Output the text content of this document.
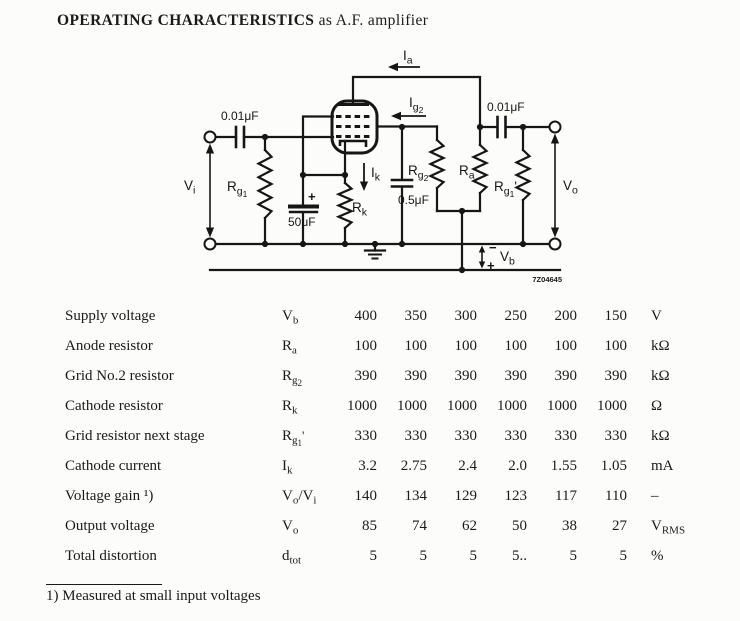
OPERATING CHARACTERISTICS as A.F. amplifier
$I_a$
$I_g2$
$I_k$
$V_i$	$V_o$
$V_b$
$R_g1$
$R_g2$ $R_a$
$R_g1'$
$R_k$
0.01μF
0.01μF
50μF
0.5μF
+
−
+
7Z04645
Supply voltage	$V_b$	400	350	300	250	200	150	V
Anode resistor	$R_a$	100	100	100	100	100	100	kΩ
Grid No.2 resistor	$R_{g2}$	390	390	390	390	390	390	kΩ
Cathode resistor	$R_k$	1000	1000	1000	1000	1000	1000	Ω
Grid resistor next stage	$R_{g1}'$	330	330	330	330	330	330	kΩ
Cathode current	$I_k$	3.2	2.75	2.4	2.0	1.55	1.05	mA
Voltage gain ¹)	$V_o/V_i$	140	134	129	123	117	110	–
Output voltage	$V_o$	85	74	62	50	38	27	$V_{RMS}$
Total distortion	$d_{tot}$	5	5	5	5..	5	5	%
1) Measured at small input voltages
